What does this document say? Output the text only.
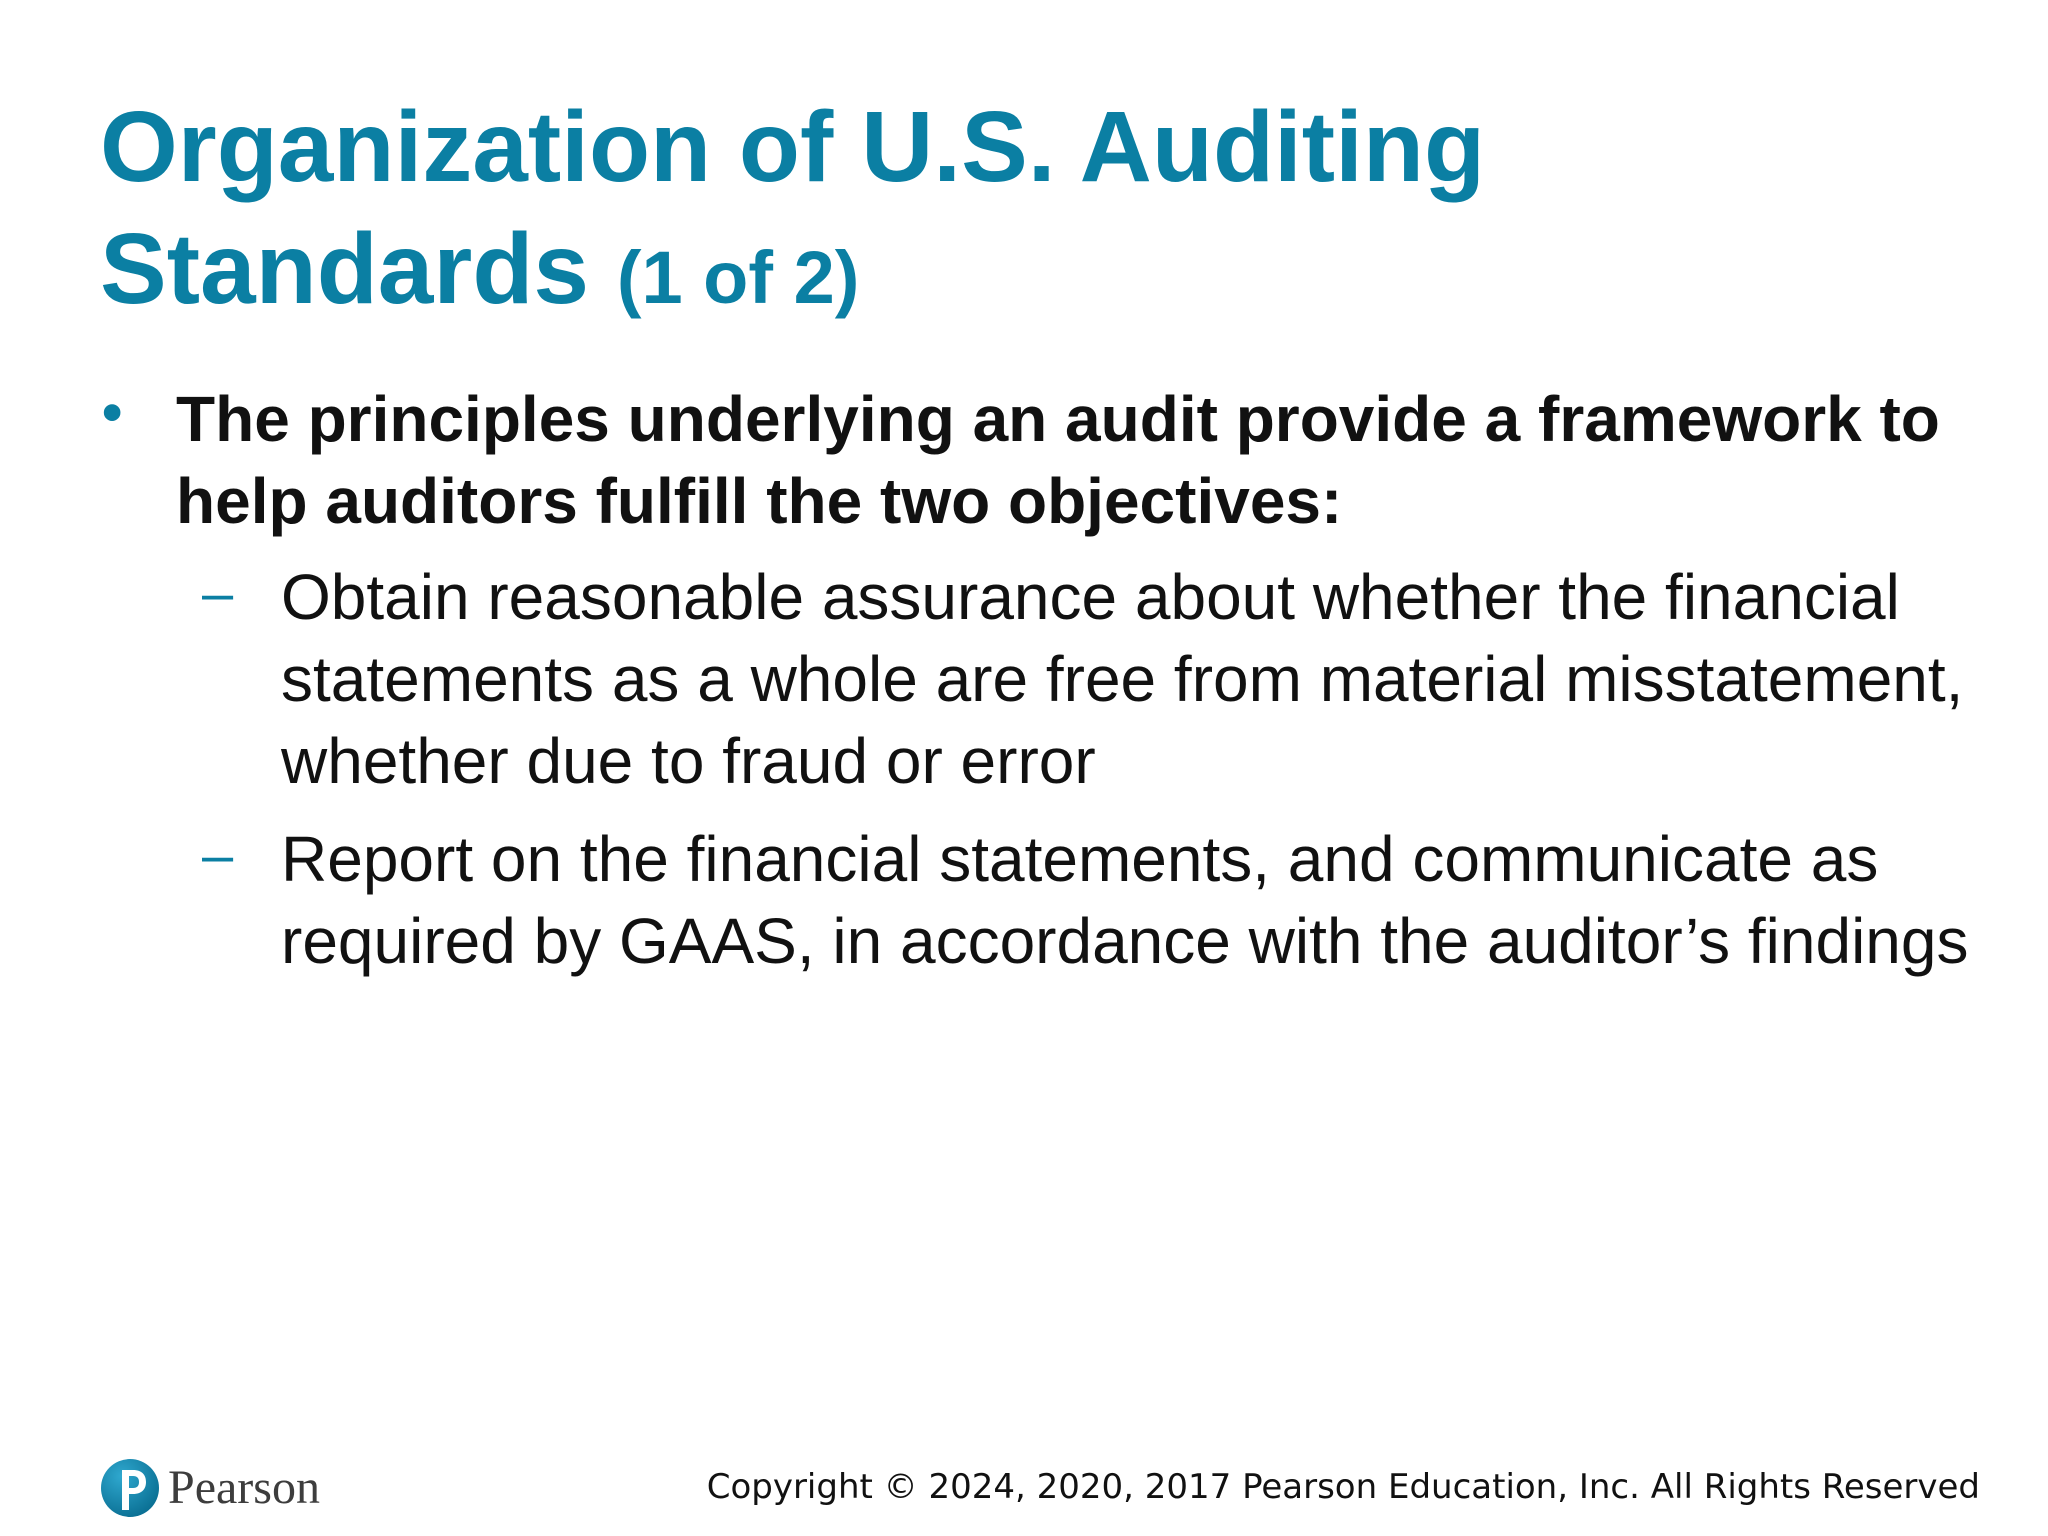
Organization of U.S. Auditing Standards (1 of 2)
• The principles underlying an audit provide a framework to help auditors fulfill the two objectives:
– Obtain reasonable assurance about whether the financial statements as a whole are free from material misstatement, whether due to fraud or error
– Report on the financial statements, and communicate as required by GAAS, in accordance with the auditor’s findings
Pearson	Copyright © 2024, 2020, 2017 Pearson Education, Inc. All Rights Reserved
